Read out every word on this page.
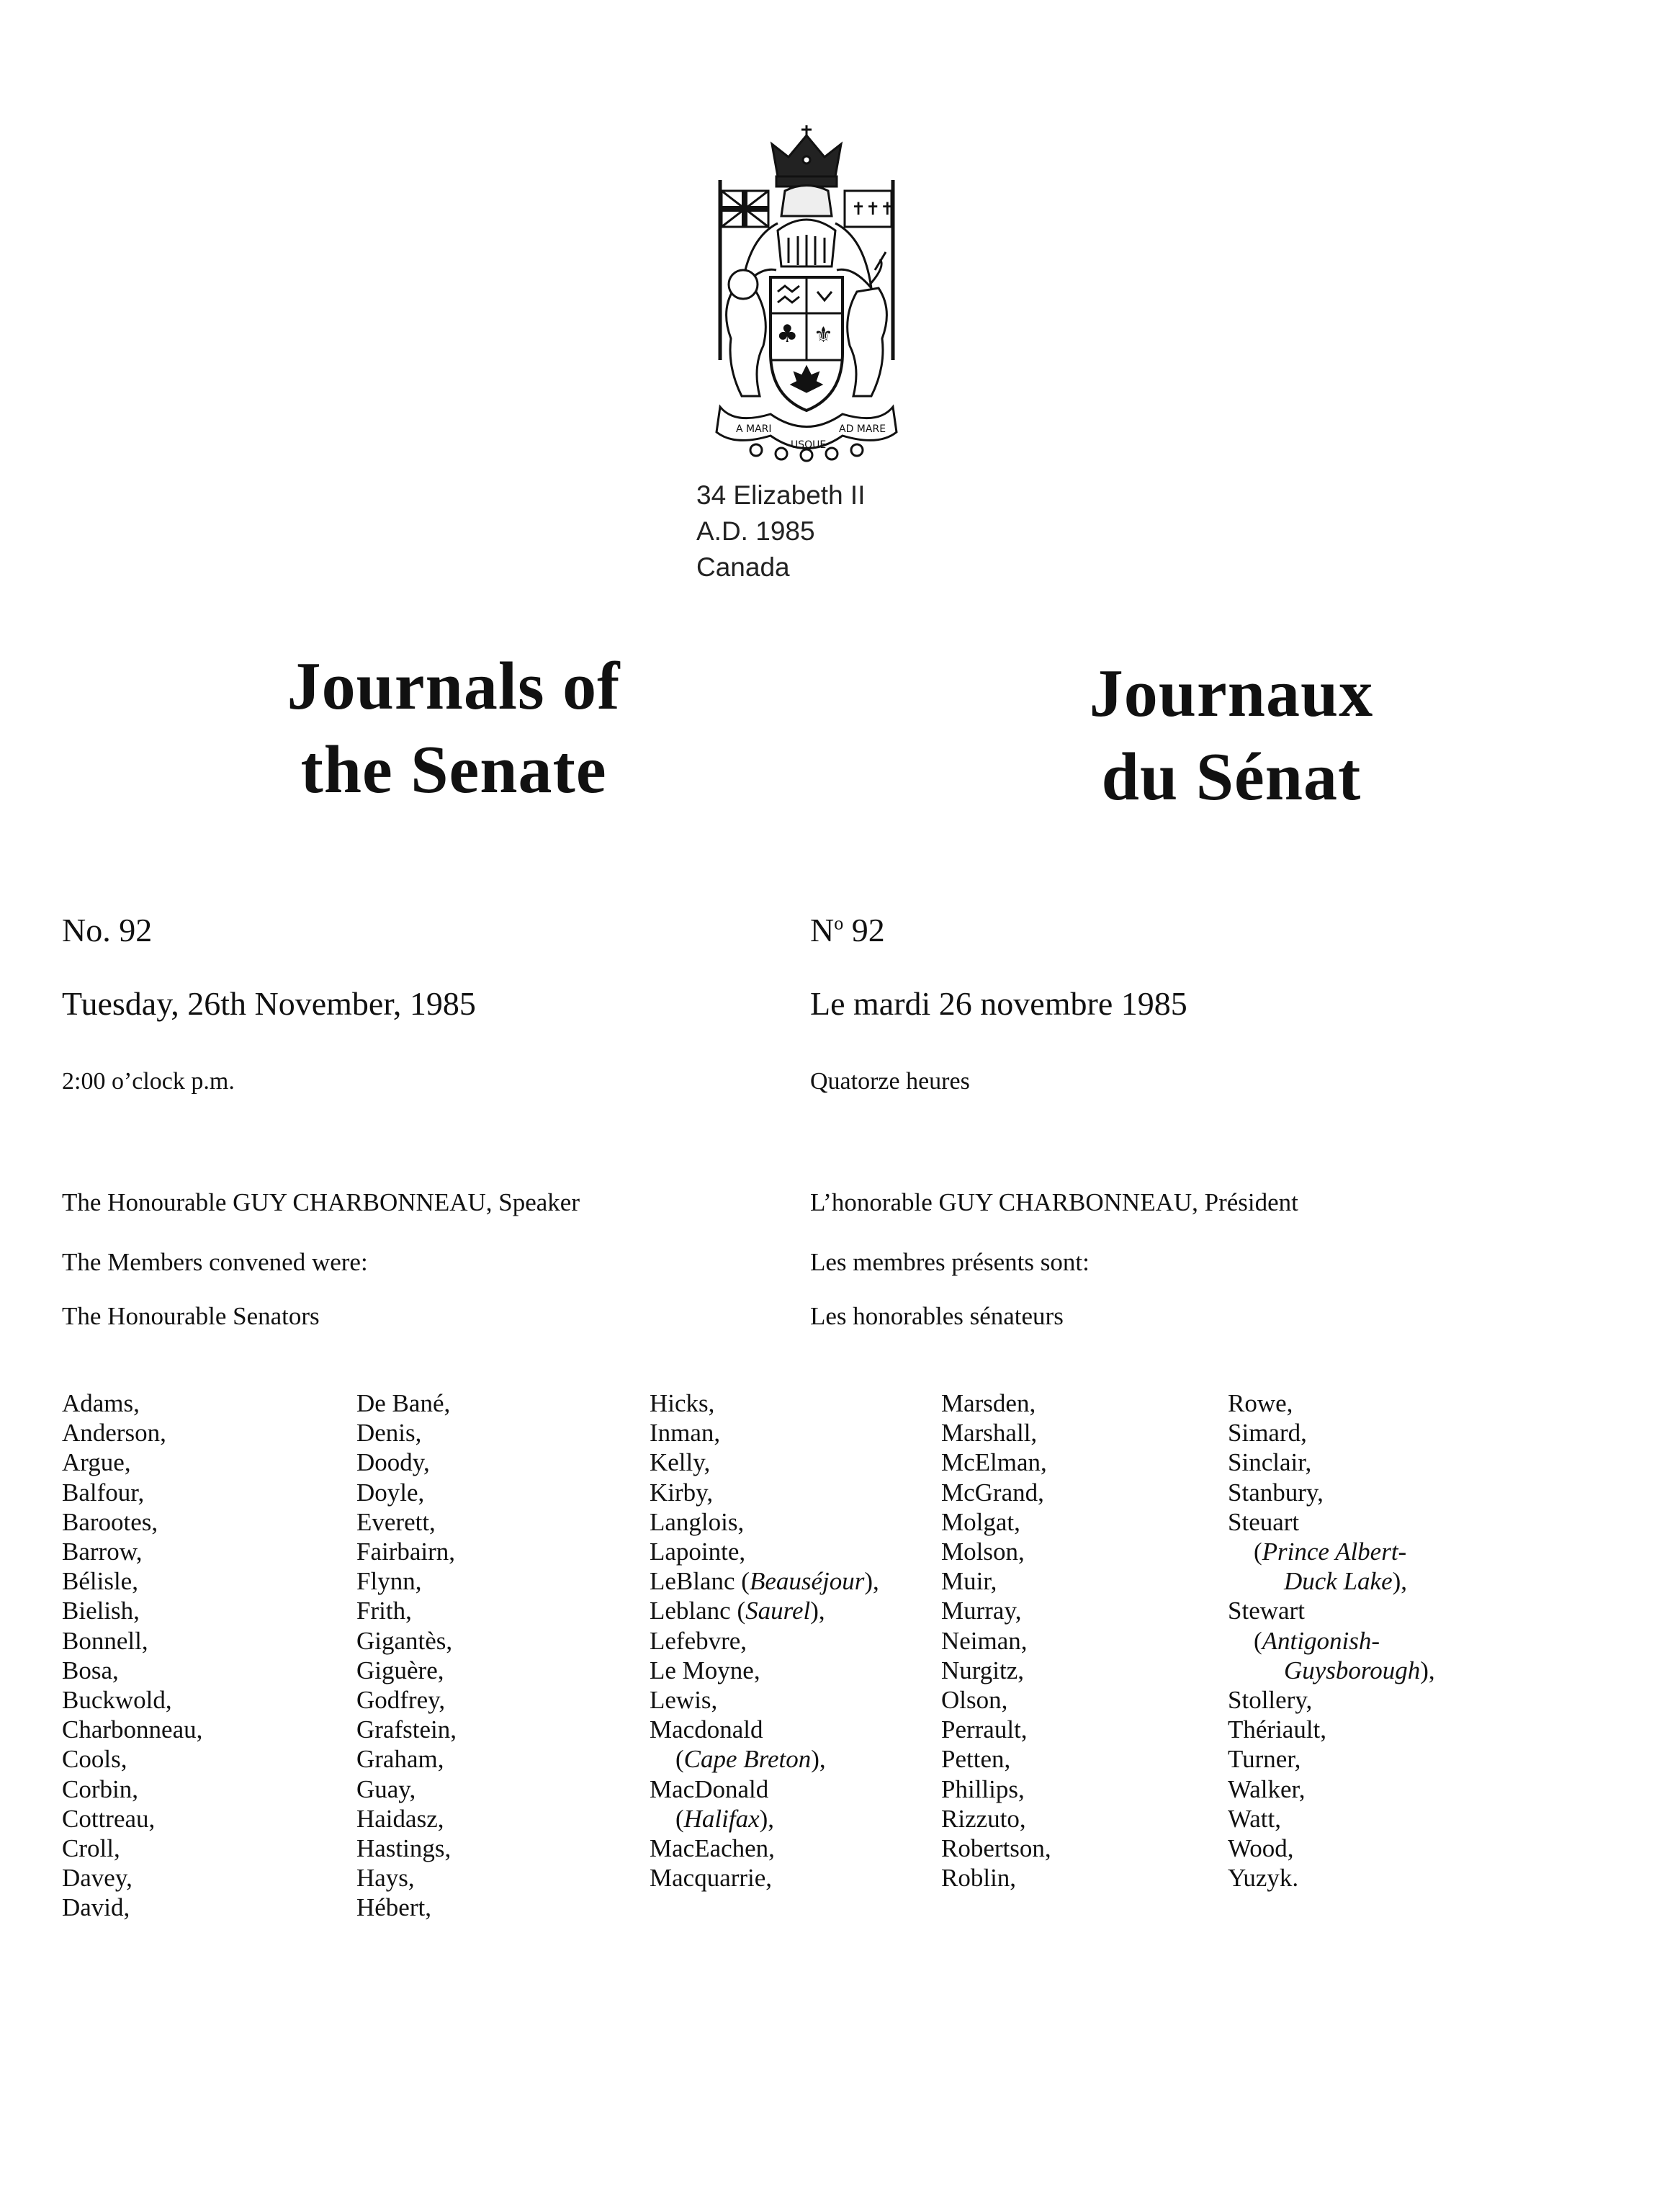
✝✝✝
♣ ⚜
A MARI
USQUE
AD MARE
34 Elizabeth II
A.D. 1985
Canada
Journals of
the Senate
Journaux
du Sénat
No. 92
Tuesday, 26th November, 1985
2:00 o’clock p.m.
The Honourable GUY CHARBONNEAU, Speaker
The Members convened were:
The Honourable Senators
$N^o$ 92
Le mardi 26 novembre 1985
Quatorze heures
L’honorable GUY CHARBONNEAU, Président
Les membres présents sont:
Les honorables sénateurs
Adams,
Anderson,
Argue,
Balfour,
Barootes,
Barrow,
Bélisle,
Bielish,
Bonnell,
Bosa,
Buckwold,
Charbonneau,
Cools,
Corbin,
Cottreau,
Croll,
Davey,
David,
De Bané,
Denis,
Doody,
Doyle,
Everett,
Fairbairn,
Flynn,
Frith,
Gigantès,
Giguère,
Godfrey,
Grafstein,
Graham,
Guay,
Haidasz,
Hastings,
Hays,
Hébert,
Hicks,
Inman,
Kelly,
Kirby,
Langlois,
Lapointe,
LeBlanc (Beauséjour),
Leblanc (Saurel),
Lefebvre,
Le Moyne,
Lewis,
Macdonald
(Cape Breton),
MacDonald
(Halifax),
MacEachen,
Macquarrie,
Marsden,
Marshall,
McElman,
McGrand,
Molgat,
Molson,
Muir,
Murray,
Neiman,
Nurgitz,
Olson,
Perrault,
Petten,
Phillips,
Rizzuto,
Robertson,
Roblin,
Rowe,
Simard,
Sinclair,
Stanbury,
Steuart
(Prince Albert-
Duck Lake),
Stewart
(Antigonish-
Guysborough),
Stollery,
Thériault,
Turner,
Walker,
Watt,
Wood,
Yuzyk.
